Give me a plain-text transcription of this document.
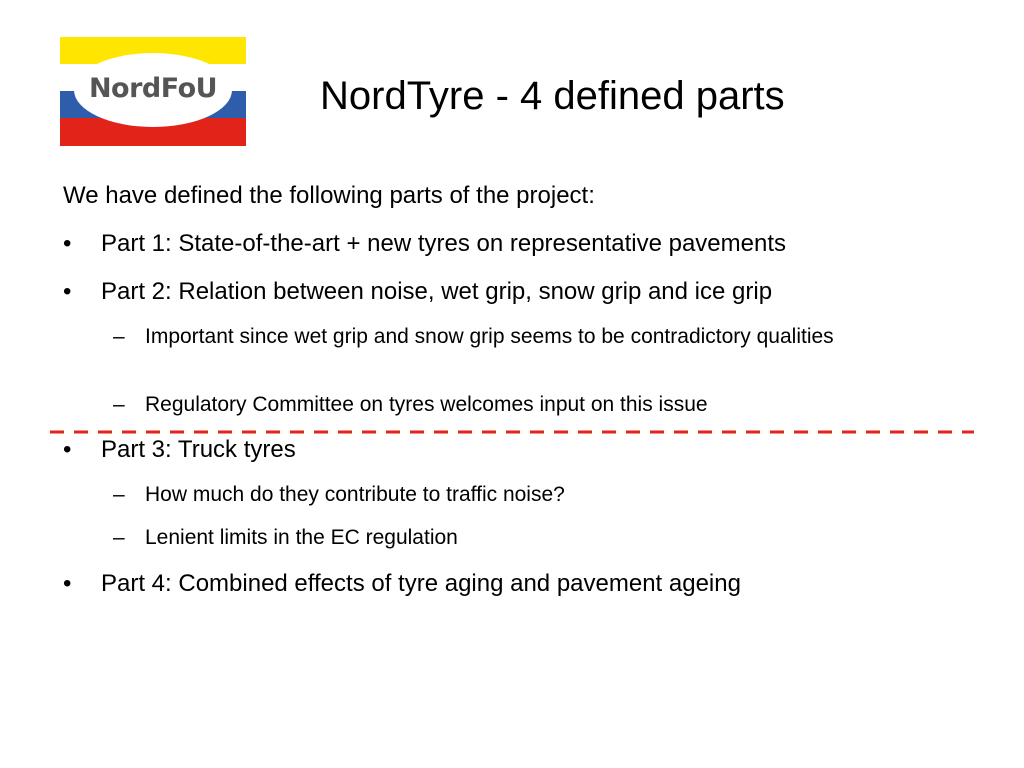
NordFoU	NordTyre - 4 defined parts
We have defined the following parts of the project:
• Part 1: State-of-the-art + new tyres on representative pavements
• Part 2: Relation between noise, wet grip, snow grip and ice grip
– Important since wet grip and snow grip seems to be contradictory qualities
– Regulatory Committee on tyres welcomes input on this issue
• Part 3: Truck tyres
– How much do they contribute to traffic noise?
– Lenient limits in the EC regulation
• Part 4: Combined effects of tyre aging and pavement ageing
